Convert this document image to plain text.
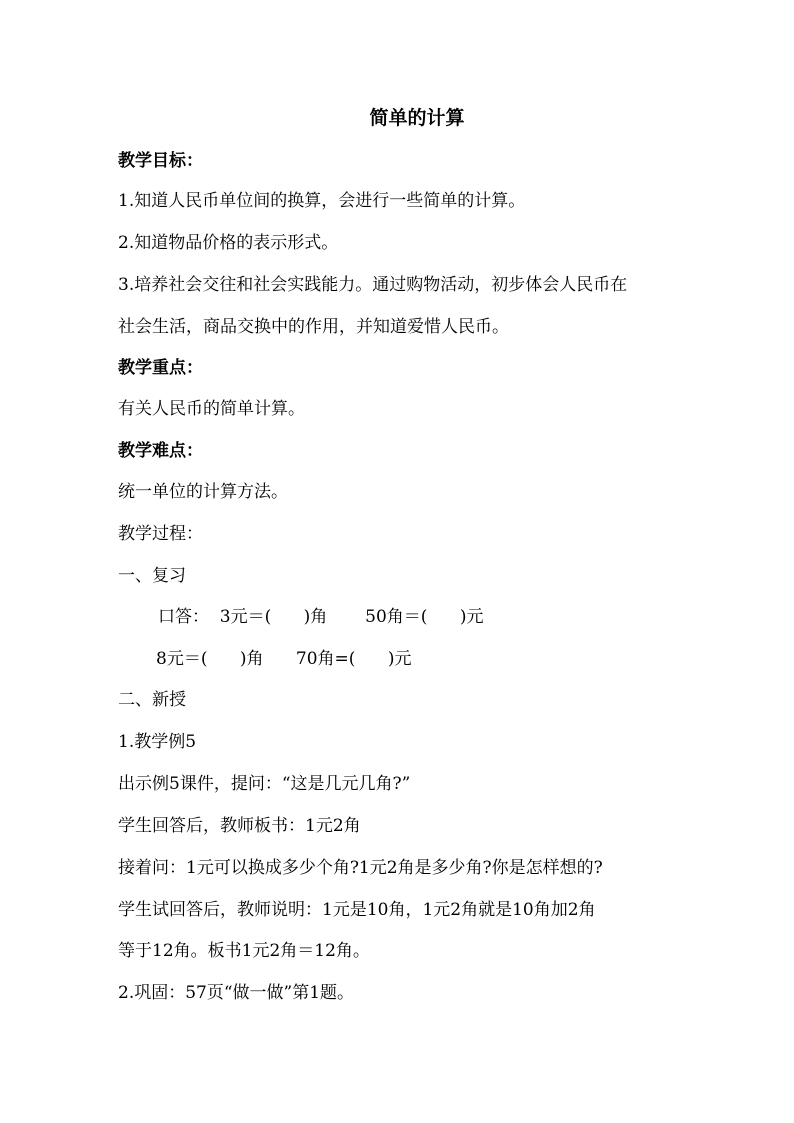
简单的计算
教学目标：
1.知道人民币单位间的换算，会进行一些简单的计算。
2.知道物品价格的表示形式。
3.培养社会交往和社会实践能力。通过购物活动，初步体会人民币在
社会生活，商品交换中的作用，并知道爱惜人民币。
教学重点：
有关人民币的简单计算。
教学难点：
统一单位的计算方法。
教学过程：
一、复习
口答：  3元＝(      )角       50角＝(      )元
8元＝(      )角      70角=(      )元
二、新授
1.教学例5
出示例5课件，提问：“这是几元几角?”
学生回答后，教师板书：1元2角
接着问：1元可以换成多少个角?1元2角是多少角?你是怎样想的?
学生试回答后，教师说明：1元是10角，1元2角就是10角加2角
等于12角。板书1元2角＝12角。
2.巩固：57页“做一做”第1题。
